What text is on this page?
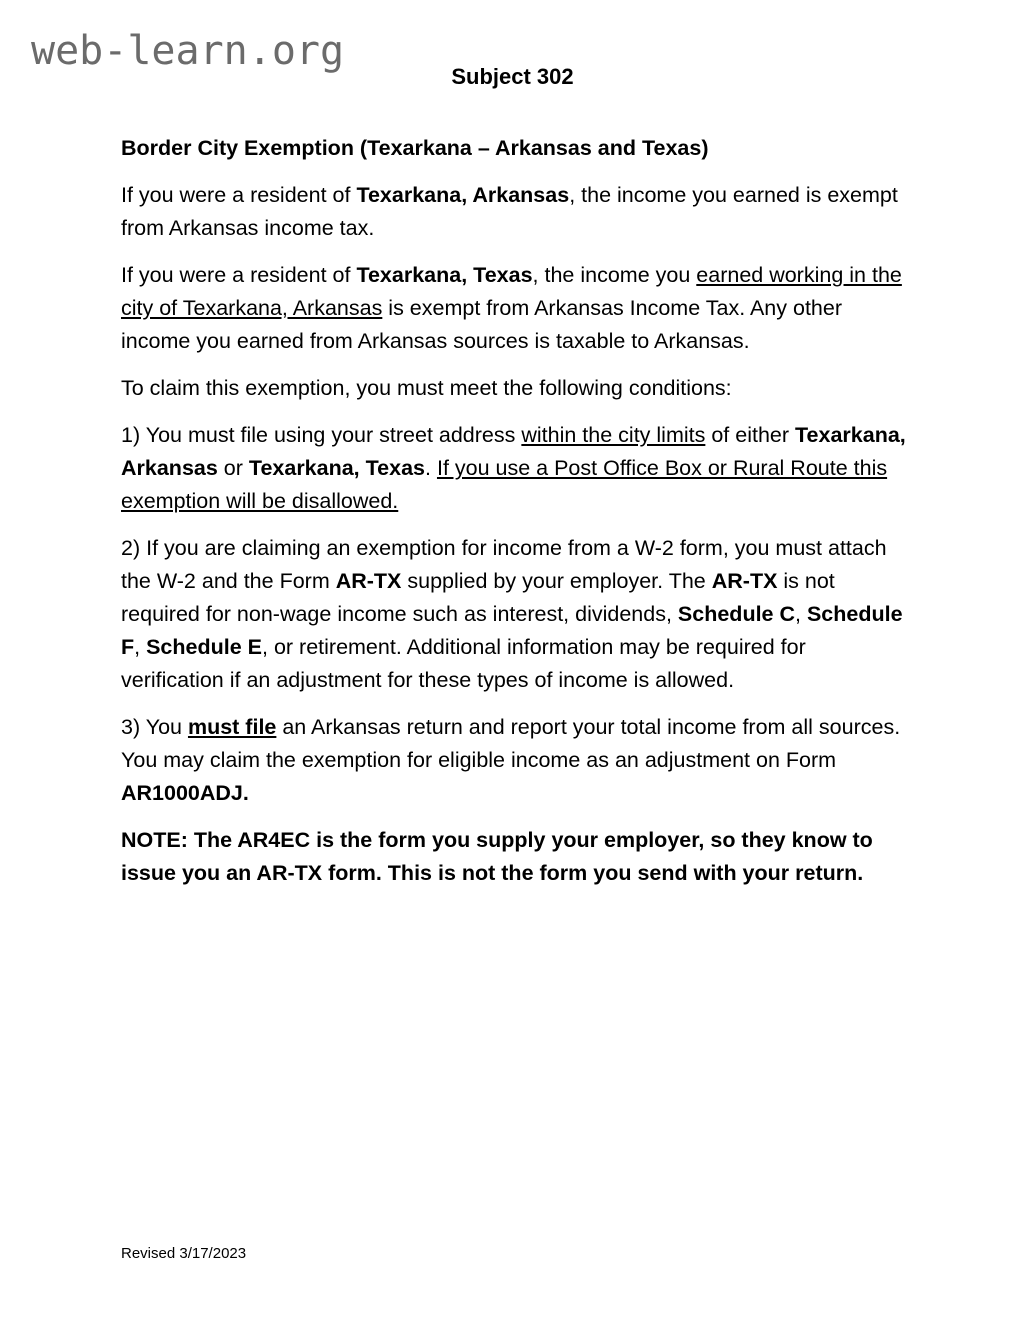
web-learn.org
Subject 302

Border City Exemption (Texarkana – Arkansas and Texas)

If you were a resident of Texarkana, Arkansas, the income you earned is exempt from Arkansas income tax.

If you were a resident of Texarkana, Texas, the income you earned working in the city of Texarkana, Arkansas is exempt from Arkansas Income Tax. Any other income you earned from Arkansas sources is taxable to Arkansas.

To claim this exemption, you must meet the following conditions:

1) You must file using your street address within the city limits of either Texarkana, Arkansas or Texarkana, Texas. If you use a Post Office Box or Rural Route this exemption will be disallowed.

2) If you are claiming an exemption for income from a W-2 form, you must attach the W-2 and the Form AR-TX supplied by your employer. The AR-TX is not required for non-wage income such as interest, dividends, Schedule C, Schedule F, Schedule E, or retirement. Additional information may be required for verification if an adjustment for these types of income is allowed.

3) You must file an Arkansas return and report your total income from all sources. You may claim the exemption for eligible income as an adjustment on Form AR1000ADJ.

NOTE: The AR4EC is the form you supply your employer, so they know to issue you an AR-TX form. This is not the form you send with your return.

Revised 3/17/2023
